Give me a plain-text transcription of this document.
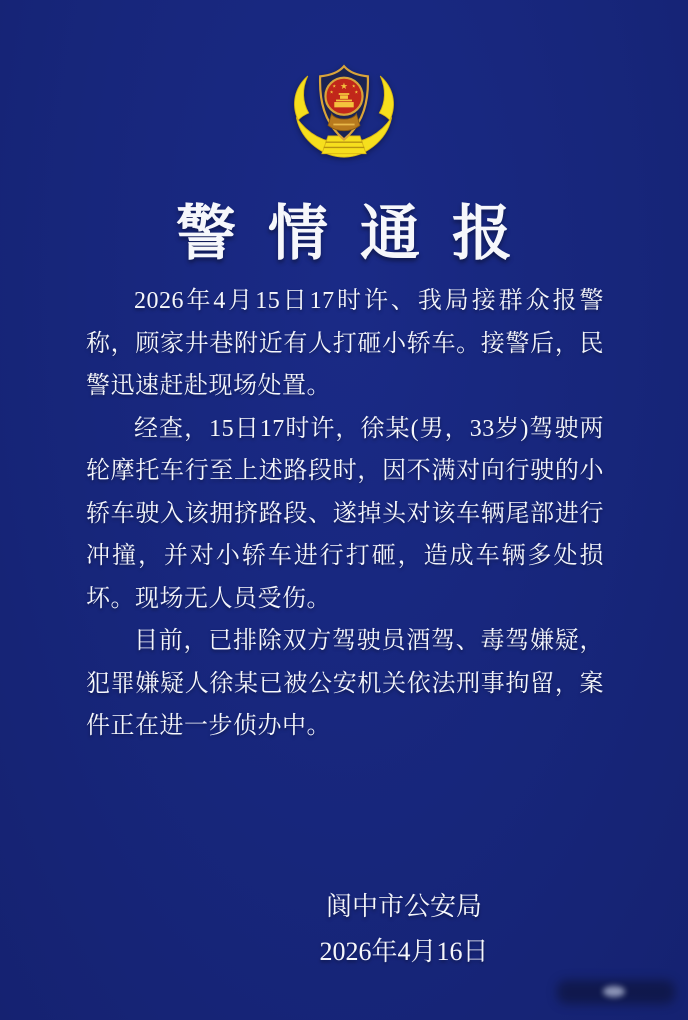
★
★	★
★	★
警情通报

2026年4月15日17时许、我局接群众报警称，顾家井巷附近有人打砸小轿车。接警后，民警迅速赶赴现场处置。

经查，15日17时许，徐某(男，33岁)驾驶两轮摩托车行至上述路段时，因不满对向行驶的小轿车驶入该拥挤路段、遂掉头对该车辆尾部进行冲撞，并对小轿车进行打砸，造成车辆多处损坏。现场无人员受伤。

目前，已排除双方驾驶员酒驾、毒驾嫌疑，犯罪嫌疑人徐某已被公安机关依法刑事拘留，案件正在进一步侦办中。

阆中市公安局
2026年4月16日
